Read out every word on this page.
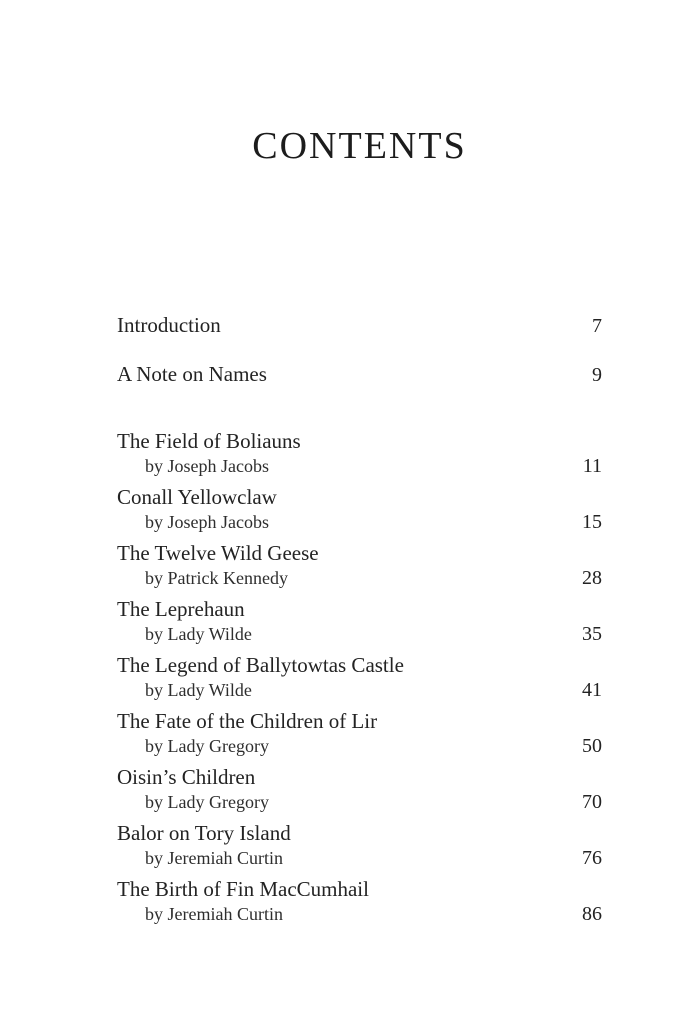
CONTENTS
Introduction	7
A Note on Names	9
The Field of Boliauns
by Joseph Jacobs	11
Conall Yellowclaw
by Joseph Jacobs	15
The Twelve Wild Geese
by Patrick Kennedy	28
The Leprehaun
by Lady Wilde	35
The Legend of Ballytowtas Castle
by Lady Wilde	41
The Fate of the Children of Lir
by Lady Gregory	50
Oisin’s Children
by Lady Gregory	70
Balor on Tory Island
by Jeremiah Curtin	76
The Birth of Fin MacCumhail
by Jeremiah Curtin	86
